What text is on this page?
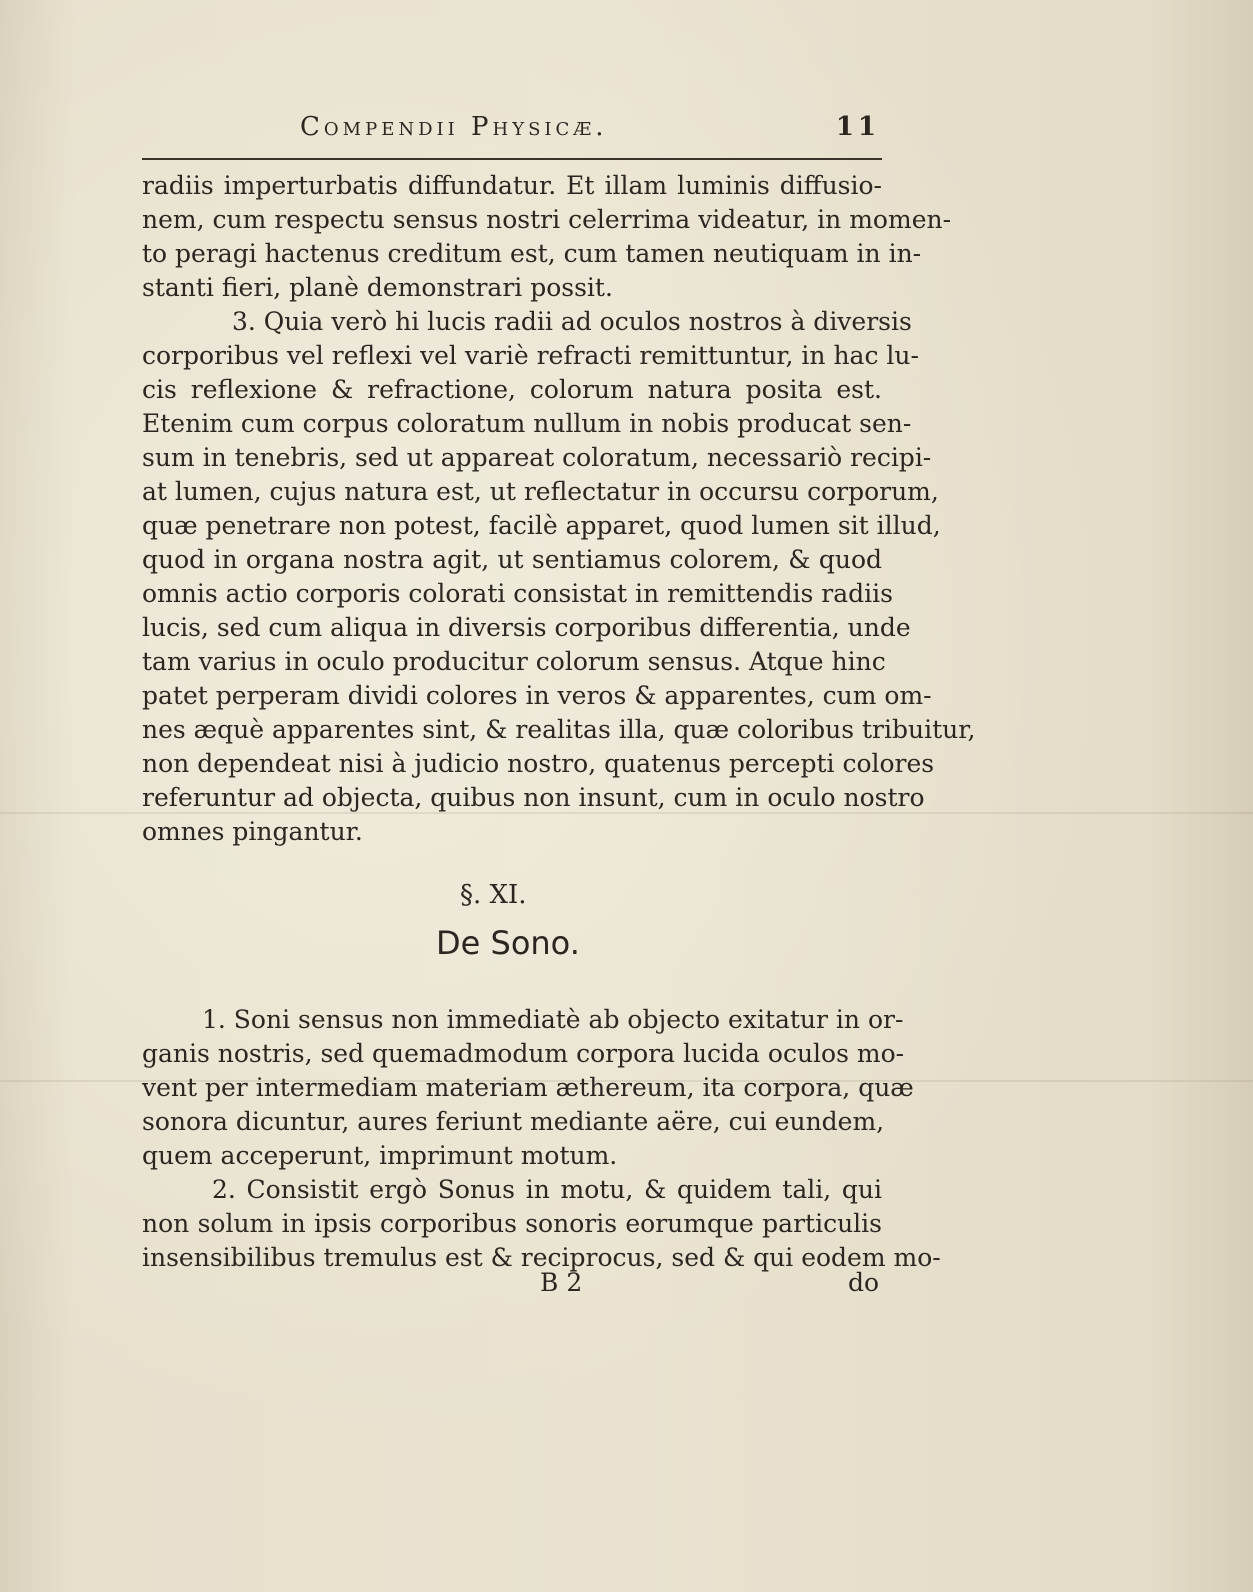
Compendii Physicæ.	11
radiis imperturbatis diffundatur. Et illam luminis diffusio-
nem, cum respectu sensus nostri celerrima videatur, in momen-
to peragi hactenus creditum est, cum tamen neutiquam in in-
stanti fieri, planè demonstrari possit.
3. Quia verò hi lucis radii ad oculos nostros à diversis
corporibus vel reflexi vel variè refracti remittuntur, in hac lu-
cis reflexione & refractione, colorum natura posita est.
Etenim cum corpus coloratum nullum in nobis producat sen-
sum in tenebris, sed ut appareat coloratum, necessariò recipi-
at lumen, cujus natura est, ut reflectatur in occursu corporum,
quæ penetrare non potest, facilè apparet, quod lumen sit illud,
quod in organa nostra agit, ut sentiamus colorem, & quod
omnis actio corporis colorati consistat in remittendis radiis
lucis, sed cum aliqua in diversis corporibus differentia, unde
tam varius in oculo producitur colorum sensus. Atque hinc
patet perperam dividi colores in veros & apparentes, cum om-
nes æquè apparentes sint, & realitas illa, quæ coloribus tribuitur,
non dependeat nisi à judicio nostro, quatenus percepti colores
referuntur ad objecta, quibus non insunt, cum in oculo nostro
omnes pingantur.
§. XI.
De Sono.
1. Soni sensus non immediatè ab objecto exitatur in or-
ganis nostris, sed quemadmodum corpora lucida oculos mo-
vent per intermediam materiam æthereum, ita corpora, quæ
sonora dicuntur, aures feriunt mediante aëre, cui eundem,
quem acceperunt, imprimunt motum.
2. Consistit ergò Sonus in motu, & quidem tali, qui
non solum in ipsis corporibus sonoris eorumque particulis
insensibilibus tremulus est & reciprocus, sed & qui eodem mo-
B 2	do
